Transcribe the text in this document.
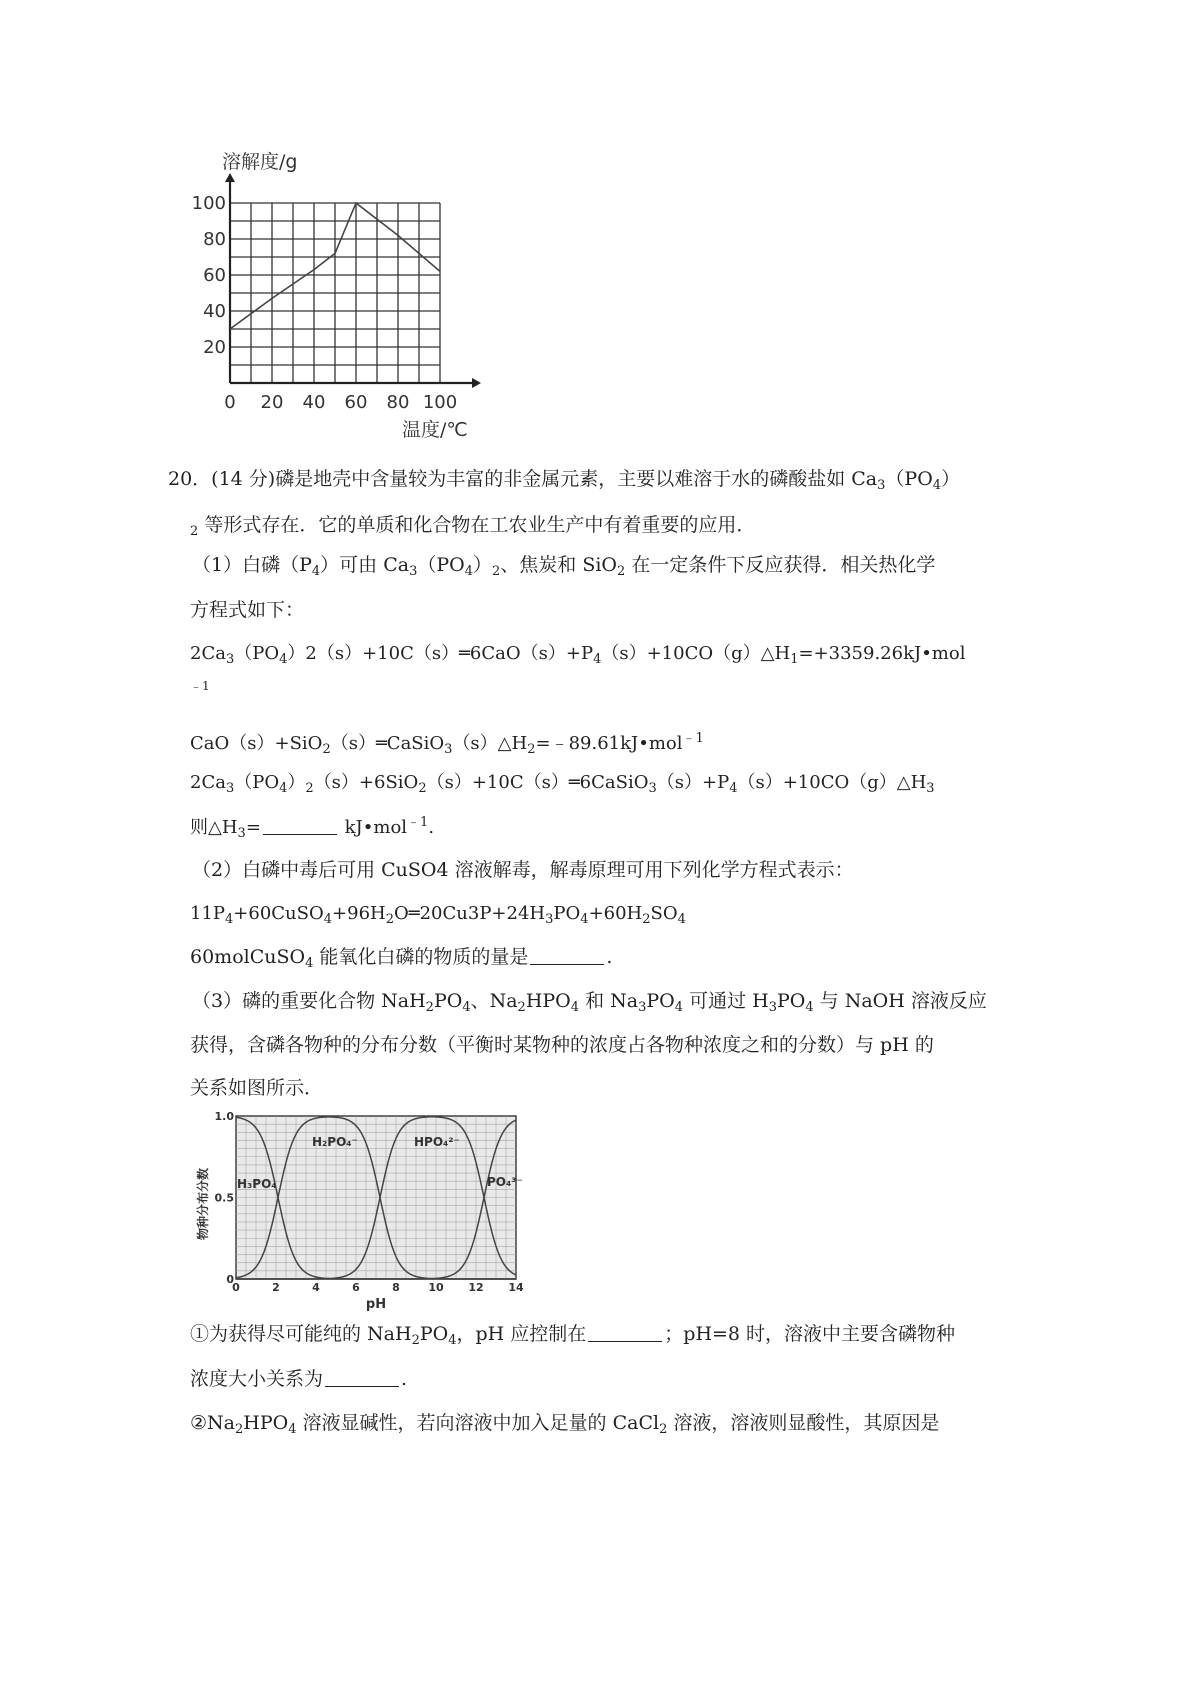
20
40
60
80
100
0 20 40 60 80 100
溶解度/g
温度/℃
0	2	4	6	8	10 12 14
0
0.5
1.0
pH
物种分布分数 H₃PO₄
H₂PO₄⁻	HPO₄²⁻
PO₄³⁻
20．(14 分)磷是地壳中含量较为丰富的非金属元素，主要以难溶于水的磷酸盐如 $Ca_3(PO_4)$
$_2$ 等形式存在．它的单质和化合物在工农业生产中有着重要的应用．
（1）白磷$(P_4)$可由 $Ca_3(PO_4)_2$、焦炭和 SiO$_2$ 在一定条件下反应获得．相关热化学
方程式如下：
$2Ca_3(PO_4)2(s)+10C(s)═6CaO(s)+P_4(s)+10CO(g)\triangle H_1=+3359.26kJ•mol$
﹣1
$CaO(s)+SiO_2(s)═CaSiO_3(s)\triangle H_2=﹣89.61kJ•mol^{﹣1}$
$2Ca_3(PO_4)_2(s)+6SiO_2(s)+10C(s)═6CaSiO_3(s)+P_4(s)+10CO(g)\triangle H_3$
则$\triangle H_3=$	kJ•mol$^{﹣1}$.
（2）白磷中毒后可用 CuSO4 溶液解毒，解毒原理可用下列化学方程式表示：
$11P_4+60CuSO_4+96H_2O═20Cu3P+24H_3PO_4+60H_2SO_4$
60molCuSO$_4$ 能氧化白磷的物质的量是	.
（3）磷的重要化合物 $NaH_2PO_4$、$Na_2HPO_4$ 和 $Na_3PO_4$ 可通过 $H_3PO_4$ 与 NaOH 溶液反应
获得，含磷各物种的分布分数（平衡时某物种的浓度占各物种浓度之和的分数）与 pH 的
关系如图所示．
①为获得尽可能纯的 $NaH_2PO_4$，pH 应控制在	；pH=8 时，溶液中主要含磷物种
浓度大小关系为	.
$②Na_2HPO_4$ 溶液显碱性，若向溶液中加入足量的 CaCl$_2$ 溶液，溶液则显酸性，其原因是
